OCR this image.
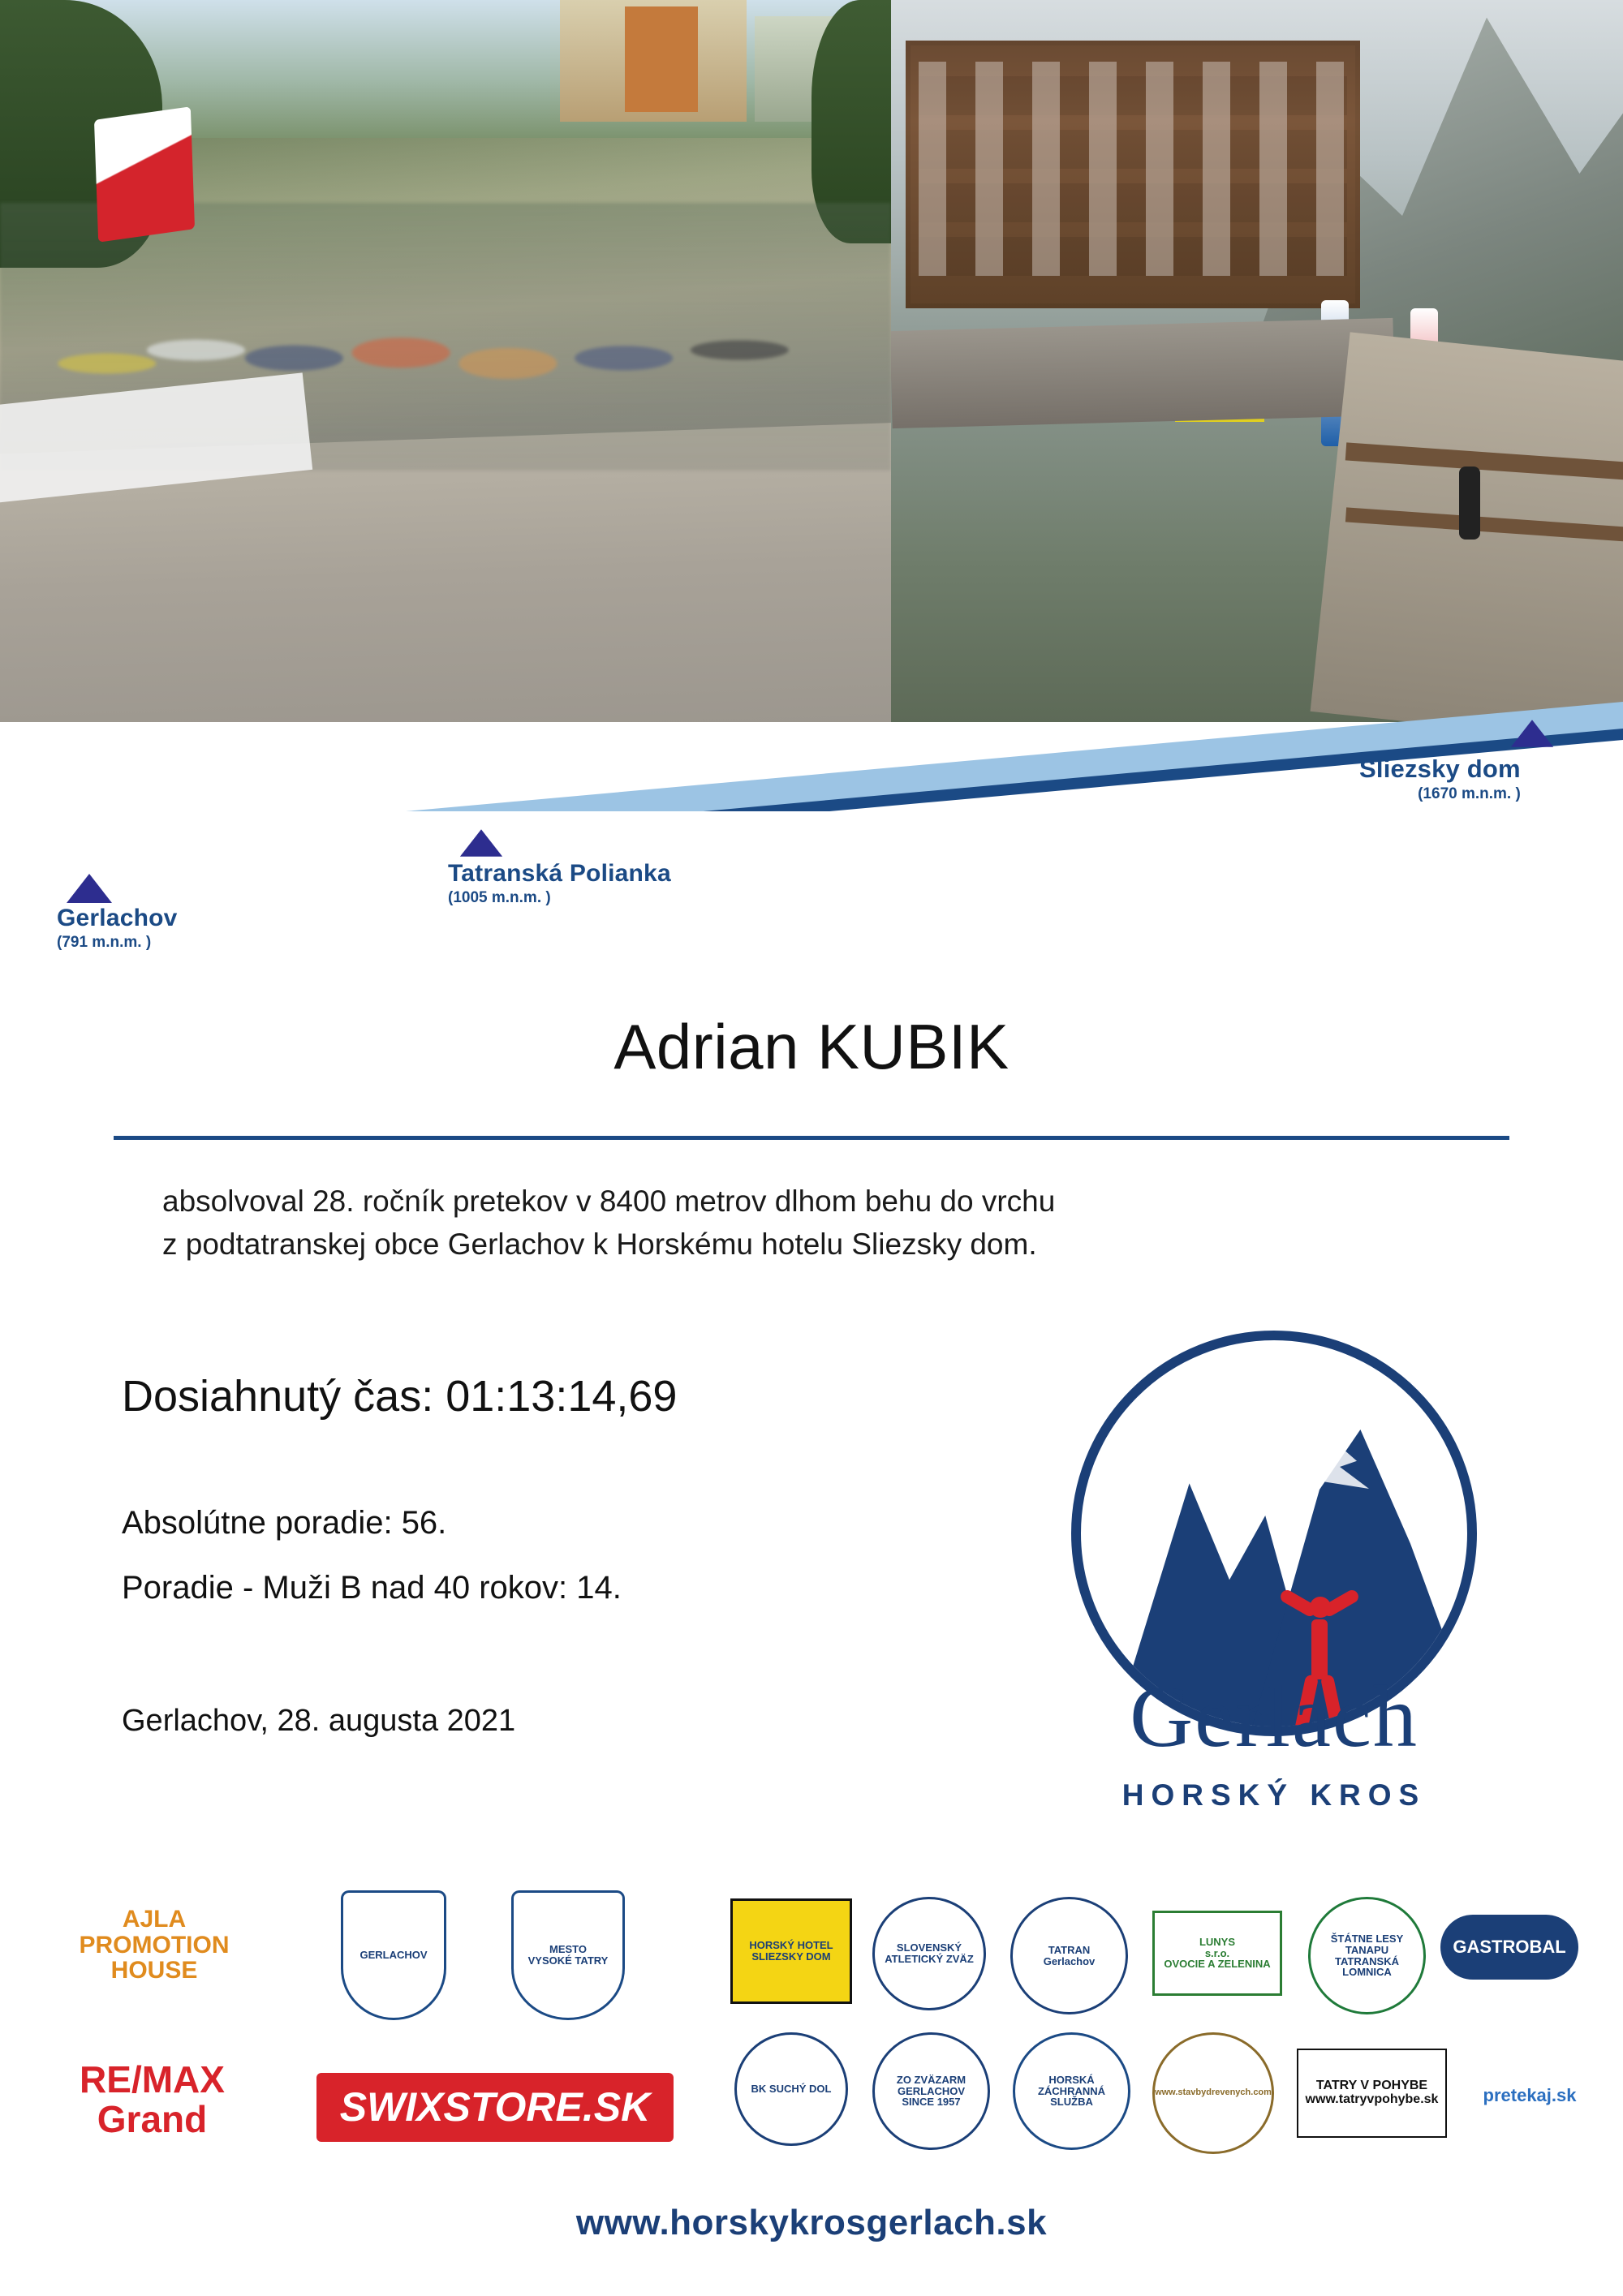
Gerlachov
(791 m.n.m. )
Tatranská Polianka
(1005 m.n.m. )
Sliezsky dom
(1670 m.n.m. )
Adrian KUBIK
absolvoval 28. ročník pretekov v 8400 metrov dlhom behu do vrchu
z podtatranskej obce Gerlachov k Horskému hotelu Sliezsky dom.
Dosiahnutý čas: 01:13:14,69
Absolútne poradie: 56.
Poradie - Muži B nad 40 rokov: 14.
Gerlachov, 28. augusta 2021	Gerlach
HORSKÝ KROS
AJLA
PROMOTION HOUSE
GERLACHOV	MESTO
VYSOKÉ TATRY
HORSKÝ HOTEL
SLIEZSKY DOM
SLOVENSKÝ
ATLETICKÝ ZVÄZ
TATRAN
Gerlachov
LUNYS
s.r.o.
OVOCIE A ZELENINA
ŠTÁTNE LESY TANAPU
TATRANSKÁ LOMNICA
GASTROBAL
RE/MAX
Grand
BK SUCHÝ DOL
ZO ZVÄZARM GERLACHOV
SINCE 1957
HORSKÁ ZÁCHRANNÁ
SLUŽBA
www.stavbydrevenych.com
TATRY V POHYBE
www.tatryvpohybe.sk	pretekaj.sk
SWIXSTORE.SK
www.horskykrosgerlach.sk
